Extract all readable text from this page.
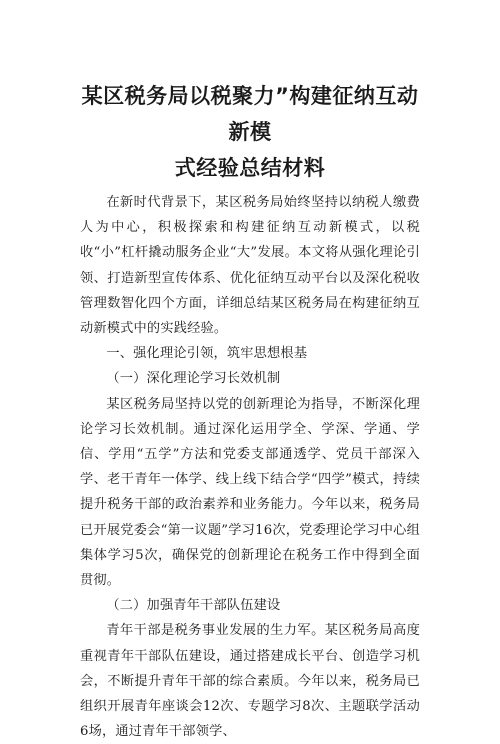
某区税务局以税聚力”构建征纳互动新模
式经验总结材料

在新时代背景下，某区税务局始终坚持以纳税人缴费人为中心，积极探索和构建征纳互动新模式，以税收“小”杠杆撬动服务企业“大”发展。本文将从强化理论引领、打造新型宣传体系、优化征纳互动平台以及深化税收管理数智化四个方面，详细总结某区税务局在构建征纳互动新模式中的实践经验。

一、强化理论引领，筑牢思想根基

（一）深化理论学习长效机制

某区税务局坚持以党的创新理论为指导，不断深化理论学习长效机制。通过深化运用学全、学深、学通、学信、学用“五学”方法和党委支部通透学、党员干部深入学、老干青年一体学、线上线下结合学“四学”模式，持续提升税务干部的政治素养和业务能力。今年以来，税务局已开展党委会“第一议题”学习16次，党委理论学习中心组集体学习5次，确保党的创新理论在税务工作中得到全面贯彻。

（二）加强青年干部队伍建设

青年干部是税务事业发展的生力军。某区税务局高度重视青年干部队伍建设，通过搭建成长平台、创造学习机会，不断提升青年干部的综合素质。今年以来，税务局已组织开展青年座谈会12次、专题学习8次、主题联学活动6场，通过青年干部领学、
